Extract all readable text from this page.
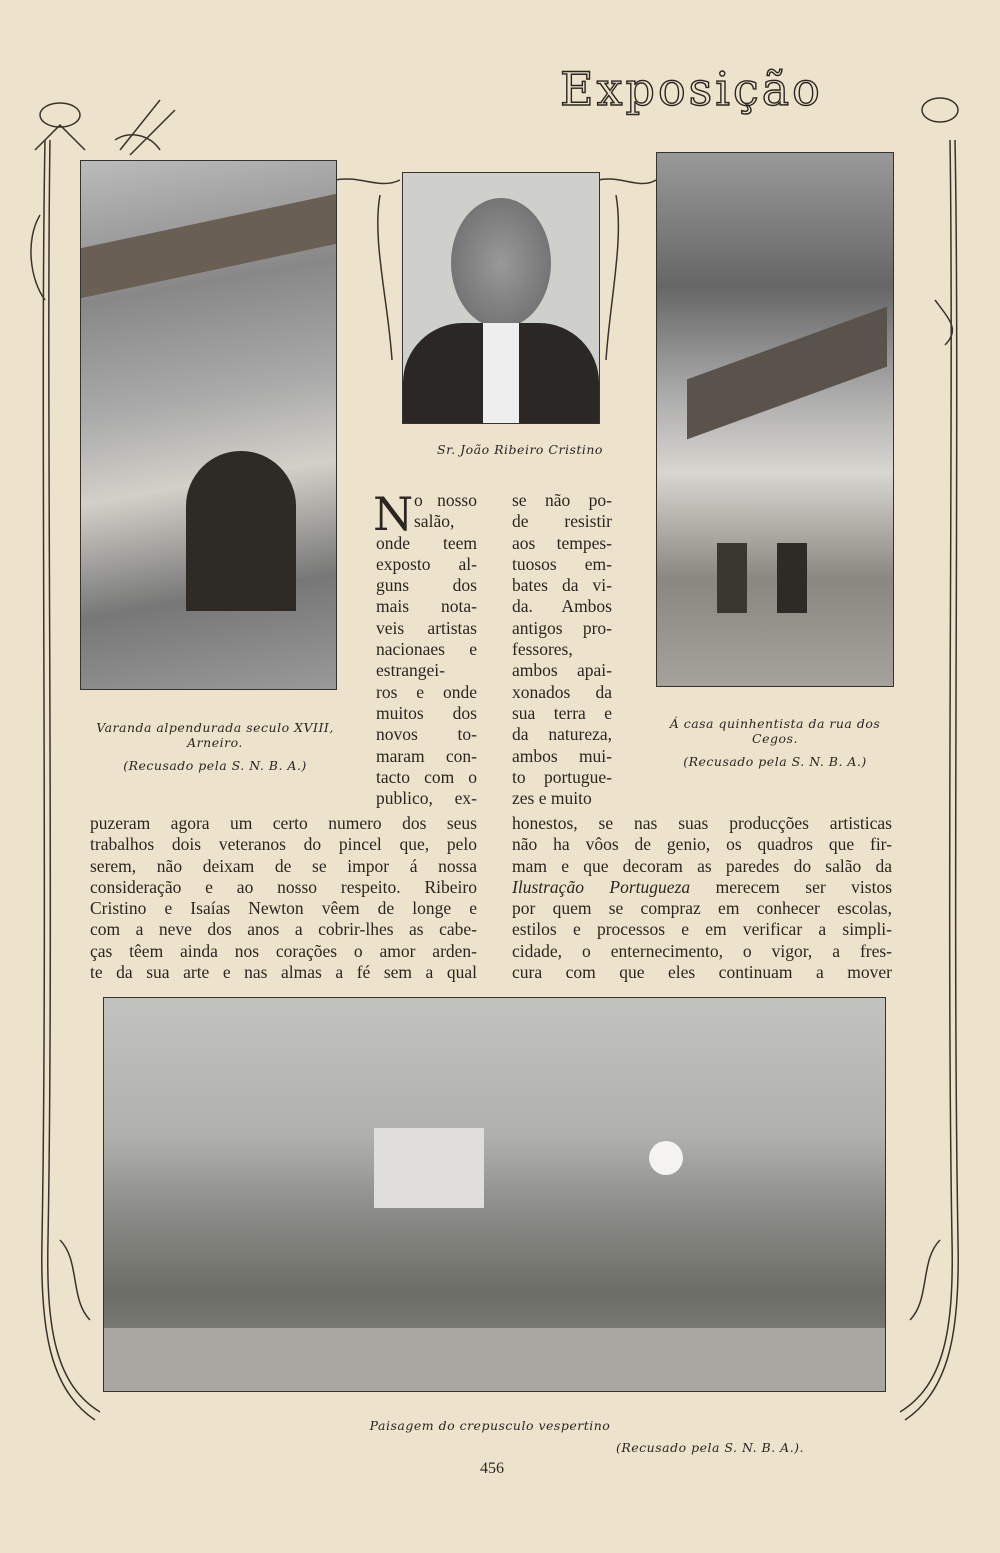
Exposição
Varanda alpendurada seculo XVIII, Arneiro.
(Recusado pela S. N. B. A.)
Sr. João Ribeiro Cristino
Á casa quinhentista da rua dos Cegos.
(Recusado pela S. N. B. A.)
N o nosso
salão,
onde teem
exposto al-
guns dos
mais nota-
veis artistas
nacionaes e
estrangei-
ros e onde
muitos dos
novos to-
maram con-
tacto com o
publico, ex-
se não po-
de resistir
aos tempes-
tuosos em-
bates da vi-
da. Ambos
antigos pro-
fessores,
ambos apai-
xonados da
sua terra e
da natureza,
ambos mui-
to portugue-
zes e muito
puzeram agora um certo numero dos seus
trabalhos dois veteranos do pincel que, pelo
serem, não deixam de se impor á nossa
consideração e ao nosso respeito. Ribeiro
Cristino e Isaías Newton vêem de longe e
com a neve dos anos a cobrir-lhes as cabe-
ças têem ainda nos corações o amor arden-
te da sua arte e nas almas a fé sem a qual
honestos, se nas suas producções artisticas
não ha vôos de genio, os quadros que fir-
mam e que decoram as paredes do salão da
Ilustração Portugueza merecem ser vistos
por quem se compraz em conhecer escolas,
estilos e processos e em verificar a simpli-
cidade, o enternecimento, o vigor, a fres-
cura com que eles continuam a mover
Paisagem do crepusculo vespertino
(Recusado pela S. N. B. A.).
456
